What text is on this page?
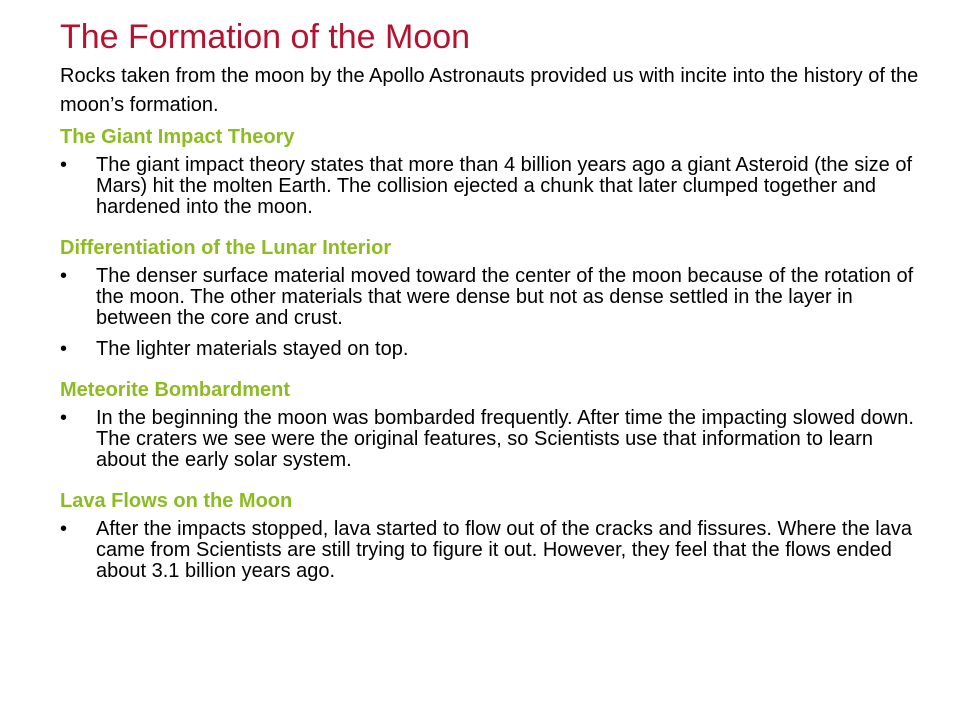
The Formation of the Moon

Rocks taken from the moon by the Apollo Astronauts provided us with incite into the history of the moon’s formation.

The Giant Impact Theory
• The giant impact theory states that more than 4 billion years ago a giant Asteroid (the size of Mars) hit the molten Earth. The collision ejected a chunk that later clumped together and hardened into the moon.
Differentiation of the Lunar Interior
• The denser surface material moved toward the center of the moon because of the rotation of the moon. The other materials that were dense but not as dense settled in the layer in between the core and crust.
• The lighter materials stayed on top.
Meteorite Bombardment
• In the beginning the moon was bombarded frequently. After time the impacting slowed down. The craters we see were the original features, so Scientists use that information to learn about the early solar system.
Lava Flows on the Moon
• After the impacts stopped, lava started to flow out of the cracks and fissures. Where the lava came from Scientists are still trying to figure it out. However, they feel that the flows ended about 3.1 billion years ago.
